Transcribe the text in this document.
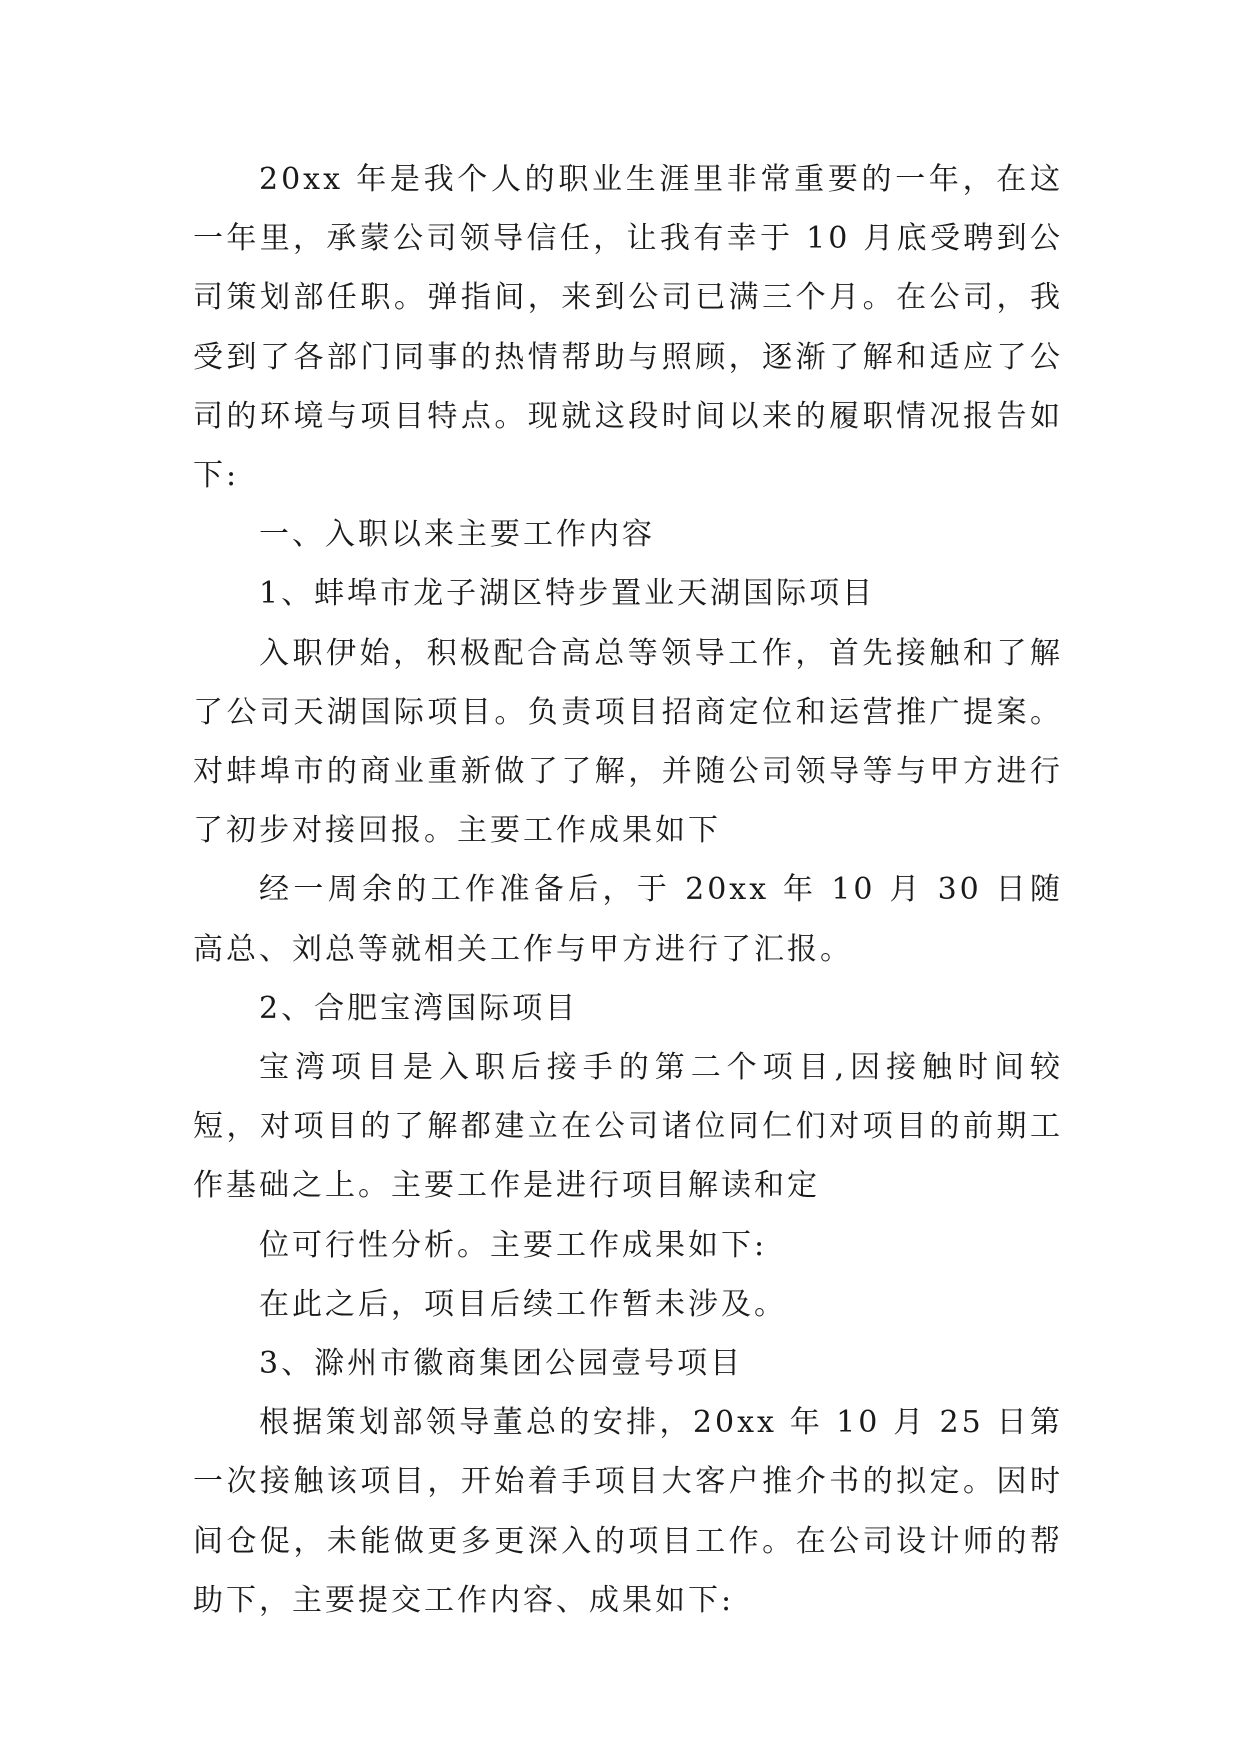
20xx 年是我个人的职业生涯里非常重要的一年，在这一年里，承蒙公司领导信任，让我有幸于 10 月底受聘到公司策划部任职。弹指间，来到公司已满三个月。在公司，我受到了各部门同事的热情帮助与照顾，逐渐了解和适应了公司的环境与项目特点。现就这段时间以来的履职情况报告如下:

一、入职以来主要工作内容

1、蚌埠市龙子湖区特步置业天湖国际项目

入职伊始，积极配合高总等领导工作，首先接触和了解了公司天湖国际项目。负责项目招商定位和运营推广提案。对蚌埠市的商业重新做了了解，并随公司领导等与甲方进行了初步对接回报。主要工作成果如下

经一周余的工作准备后，于 20xx 年 10 月 30 日随高总、刘总等就相关工作与甲方进行了汇报。

2、合肥宝湾国际项目

宝湾项目是入职后接手的第二个项目,因接触时间较短，对项目的了解都建立在公司诸位同仁们对项目的前期工作基础之上。主要工作是进行项目解读和定

位可行性分析。主要工作成果如下:

在此之后，项目后续工作暂未涉及。

3、滁州市徽商集团公园壹号项目

根据策划部领导董总的安排，20xx 年 10 月 25 日第一次接触该项目，开始着手项目大客户推介书的拟定。因时间仓促，未能做更多更深入的项目工作。在公司设计师的帮助下，主要提交工作内容、成果如下:
